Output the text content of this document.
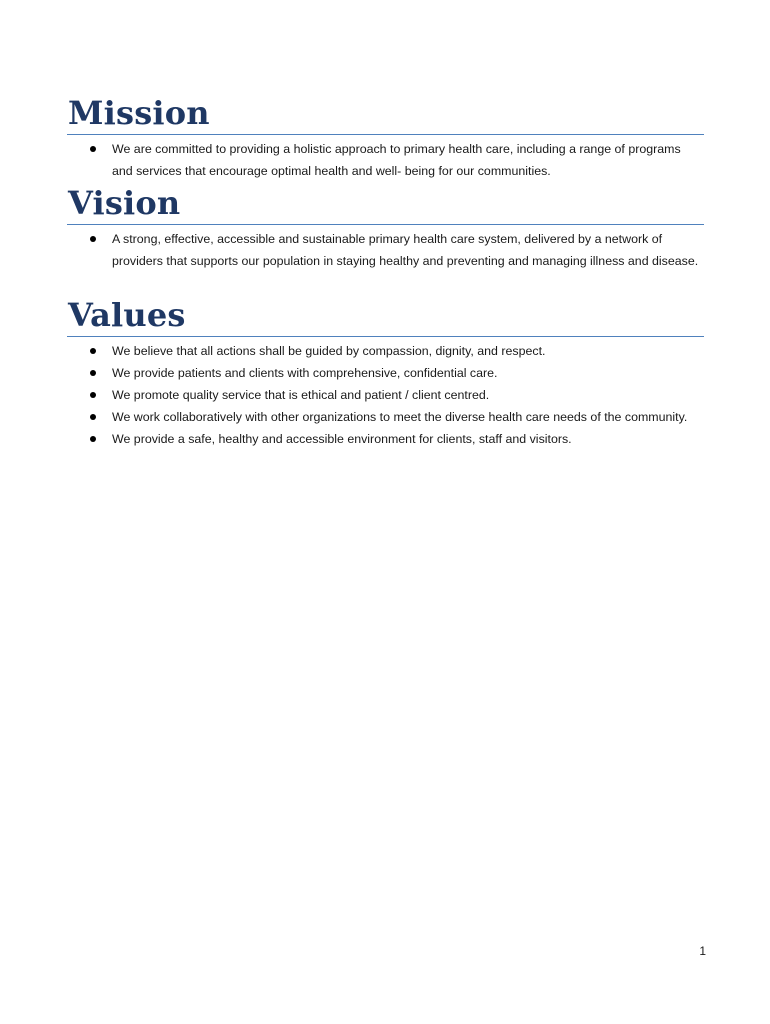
Mission
We are committed to providing a holistic approach to primary health care, including a range of programs and services that encourage optimal health and well- being for our communities.
Vision
A strong, effective, accessible and sustainable primary health care system, delivered by a network of providers that supports our population in staying healthy and preventing and managing illness and disease.
Values
We believe that all actions shall be guided by compassion, dignity, and respect.
We provide patients and clients with comprehensive, confidential care.
We promote quality service that is ethical and patient / client centred.
We work collaboratively with other organizations to meet the diverse health care needs of the community.
We provide a safe, healthy and accessible environment for clients, staff and visitors.
1
